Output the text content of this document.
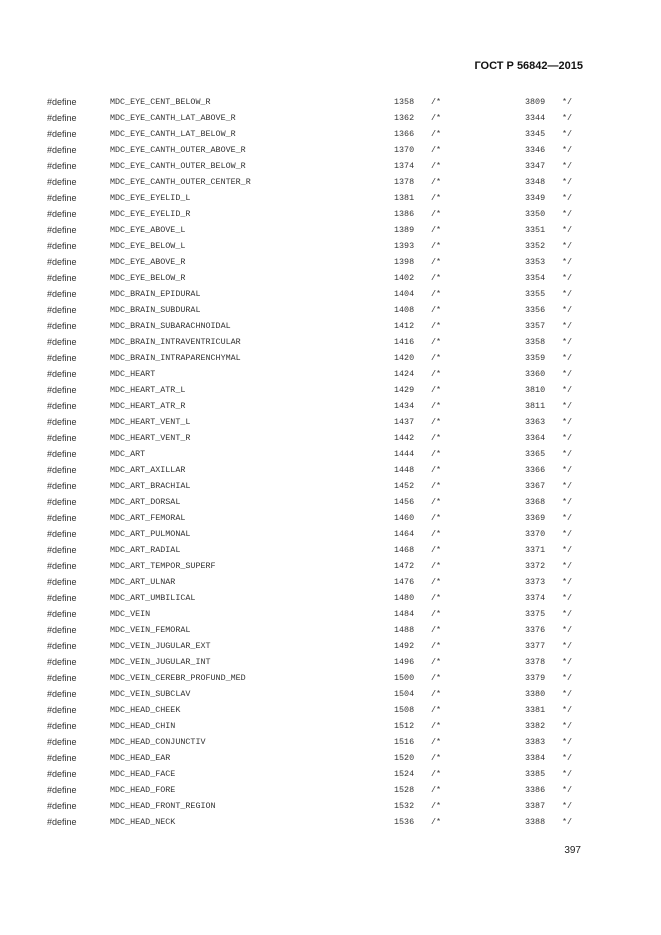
ГОСТ Р 56842—2015
#define	MDC_EYE_CENT_BELOW_R	1358 /*	3809 */
#define	MDC_EYE_CANTH_LAT_ABOVE_R	1362 /*	3344 */
#define	MDC_EYE_CANTH_LAT_BELOW_R	1366 /*	3345 */
#define	MDC_EYE_CANTH_OUTER_ABOVE_R	1370 /*	3346 */
#define	MDC_EYE_CANTH_OUTER_BELOW_R	1374 /*	3347 */
#define	MDC_EYE_CANTH_OUTER_CENTER_R	1378 /*	3348 */
#define	MDC_EYE_EYELID_L	1381 /*	3349 */
#define	MDC_EYE_EYELID_R	1386 /*	3350 */
#define	MDC_EYE_ABOVE_L	1389 /*	3351 */
#define	MDC_EYE_BELOW_L	1393 /*	3352 */
#define	MDC_EYE_ABOVE_R	1398 /*	3353 */
#define	MDC_EYE_BELOW_R	1402 /*	3354 */
#define	MDC_BRAIN_EPIDURAL	1404 /*	3355 */
#define	MDC_BRAIN_SUBDURAL	1408 /*	3356 */
#define	MDC_BRAIN_SUBARACHNOIDAL	1412 /*	3357 */
#define	MDC_BRAIN_INTRAVENTRICULAR	1416 /*	3358 */
#define	MDC_BRAIN_INTRAPARENCHYMAL	1420 /*	3359 */
#define	MDC_HEART	1424 /*	3360 */
#define	MDC_HEART_ATR_L	1429 /*	3810 */
#define	MDC_HEART_ATR_R	1434 /*	3811 */
#define	MDC_HEART_VENT_L	1437 /*	3363 */
#define	MDC_HEART_VENT_R	1442 /*	3364 */
#define	MDC_ART	1444 /*	3365 */
#define	MDC_ART_AXILLAR	1448 /*	3366 */
#define	MDC_ART_BRACHIAL	1452 /*	3367 */
#define	MDC_ART_DORSAL	1456 /*	3368 */
#define	MDC_ART_FEMORAL	1460 /*	3369 */
#define	MDC_ART_PULMONAL	1464 /*	3370 */
#define	MDC_ART_RADIAL	1468 /*	3371 */
#define	MDC_ART_TEMPOR_SUPERF	1472 /*	3372 */
#define	MDC_ART_ULNAR	1476 /*	3373 */
#define	MDC_ART_UMBILICAL	1480 /*	3374 */
#define	MDC_VEIN	1484 /*	3375 */
#define	MDC_VEIN_FEMORAL	1488 /*	3376 */
#define	MDC_VEIN_JUGULAR_EXT	1492 /*	3377 */
#define	MDC_VEIN_JUGULAR_INT	1496 /*	3378 */
#define	MDC_VEIN_CEREBR_PROFUND_MED	1500 /*	3379 */
#define	MDC_VEIN_SUBCLAV	1504 /*	3380 */
#define	MDC_HEAD_CHEEK	1508 /*	3381 */
#define	MDC_HEAD_CHIN	1512 /*	3382 */
#define	MDC_HEAD_CONJUNCTIV	1516 /*	3383 */
#define	MDC_HEAD_EAR	1520 /*	3384 */
#define	MDC_HEAD_FACE	1524 /*	3385 */
#define	MDC_HEAD_FORE	1528 /*	3386 */
#define	MDC_HEAD_FRONT_REGION	1532 /*	3387 */
#define	MDC_HEAD_NECK	1536 /*	3388 */
397
